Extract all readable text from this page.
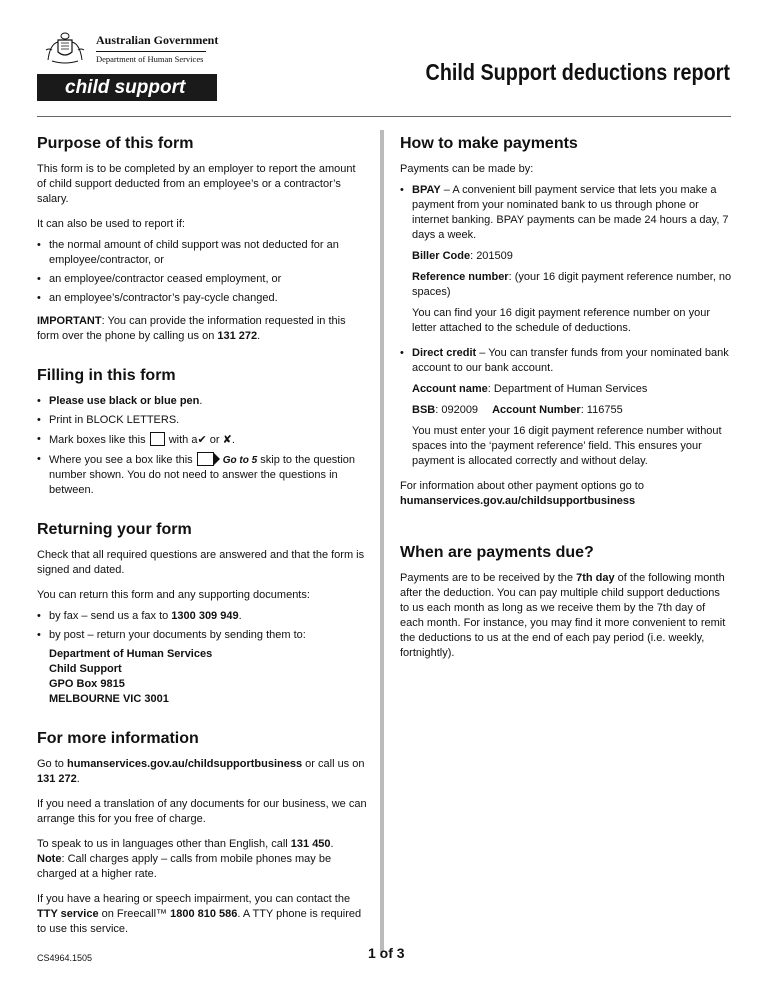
Australian Government
Department of Human Services
child support
Child Support deductions report
Purpose of this form

This form is to be completed by an employer to report the amount of child support deducted from an employee’s or a contractor’s salary.

It can also be used to report if:

• the normal amount of child support was not deducted for an employee/contractor, or
• an employee/contractor ceased employment, or
• an employee’s/contractor’s pay-cycle changed.

IMPORTANT: You can provide the information requested in this form over the phone by calling us on 131 272.

Filling in this form
• Please use black or blue pen.
• Print in BLOCK LETTERS.
• Mark boxes like this with a✔ or ✘.
• Where you see a box like this	Go to 5 skip to the question number shown. You do not need to answer the questions in between.
Returning your form

Check that all required questions are answered and that the form is signed and dated.

You can return this form and any supporting documents:

• by fax – send us a fax to 1300 309 949.
• by post – return your documents by sending them to:
Department of Human Services
Child Support
GPO Box 9815
MELBOURNE VIC 3001
For more information

Go to humanservices.gov.au/childsupportbusiness or call us on 131 272.

If you need a translation of any documents for our business, we can arrange this for you free of charge.

To speak to us in languages other than English, call 131 450.
Note: Call charges apply – calls from mobile phones may be charged at a higher rate.

If you have a hearing or speech impairment, you can contact the TTY service on Freecall™ 1800 810 586. A TTY phone is required to use this service.

How to make payments

Payments can be made by:

• BPAY – A convenient bill payment service that lets you make a payment from your nominated bank to us through phone or internet banking. BPAY payments can be made 24 hours a day, 7 days a week.

Biller Code: 201509

Reference number: (your 16 digit payment reference number, no spaces)

You can find your 16 digit payment reference number on your letter attached to the schedule of deductions.

• Direct credit – You can transfer funds from your nominated bank account to our bank account.

Account name: Department of Human Services

BSB: 092009 Account Number: 116755

You must enter your 16 digit payment reference number without spaces into the ‘payment reference’ field. This ensures your payment is allocated correctly and without delay.

For information about other payment options go to
humanservices.gov.au/childsupportbusiness

When are payments due?

Payments are to be received by the 7th day of the following month after the deduction. You can pay multiple child support deductions to us each month as long as we receive them by the 7th day of each month. For instance, you may find it more convenient to remit the deductions to us at the end of each pay period (i.e. weekly, fortnightly).

CS4964.1505	1 of 3
